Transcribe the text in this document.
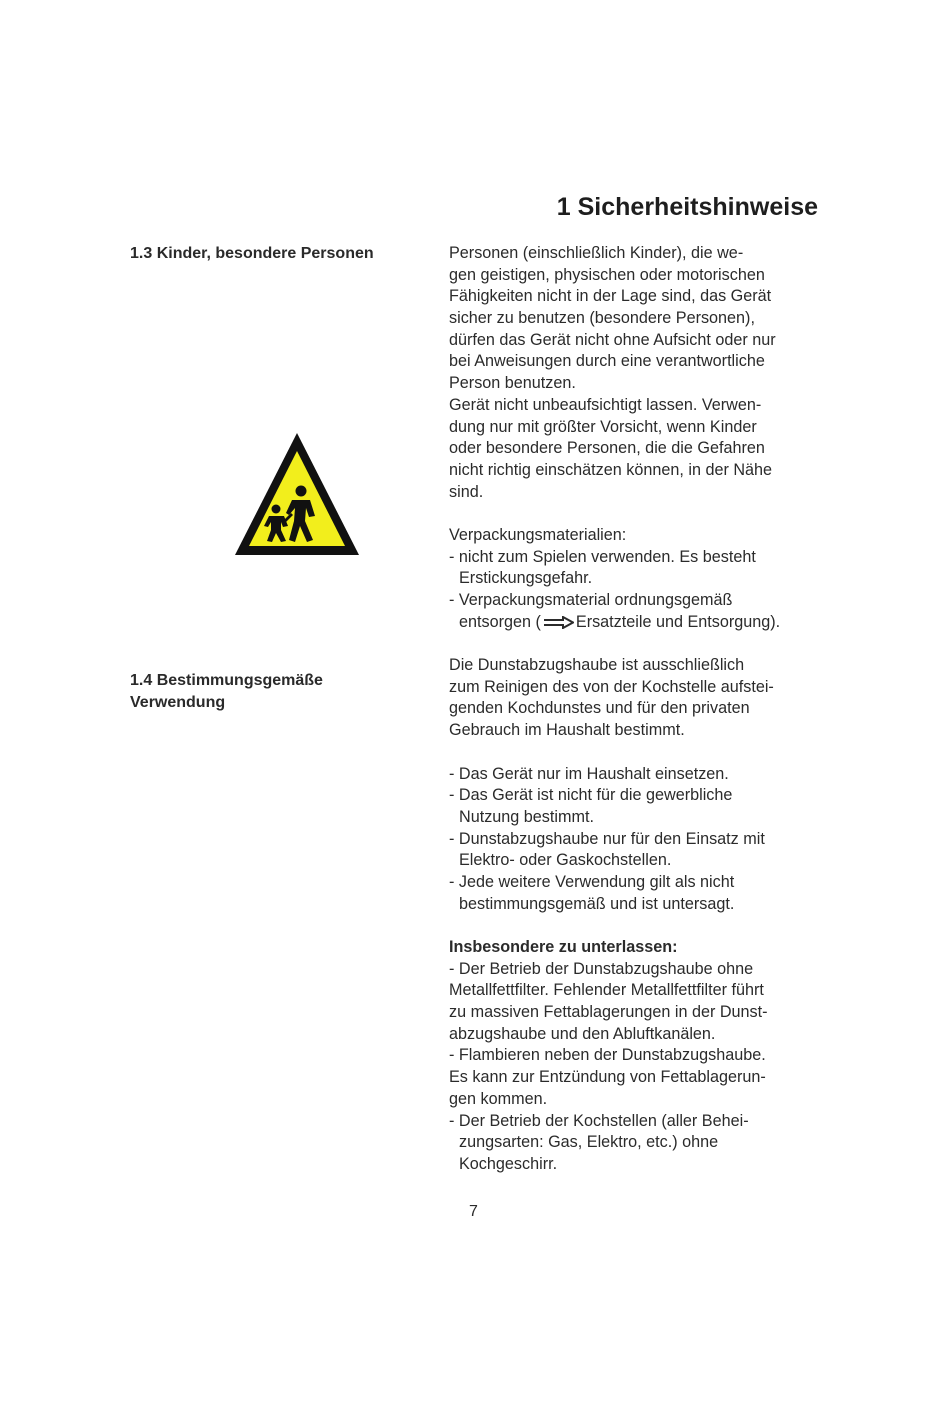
1 Sicherheitshinweise
1.3 Kinder, besondere Personen
1.4 Bestimmungsgemäße
Verwendung
Personen (einschließlich Kinder), die we-
gen geistigen, physischen oder motorischen
Fähigkeiten nicht in der Lage sind, das Gerät
sicher zu benutzen (besondere Personen),
dürfen das Gerät nicht ohne Aufsicht oder nur
bei Anweisungen durch eine verantwortliche
Person benutzen.
Gerät nicht unbeaufsichtigt lassen. Verwen-
dung nur mit größter Vorsicht, wenn Kinder
oder besondere Personen, die die Gefahren
nicht richtig einschätzen können, in der Nähe
sind.
Verpackungsmaterialien:
- nicht zum Spielen verwenden. Es besteht
Erstickungsgefahr.
- Verpackungsmaterial ordnungsgemäß
entsorgen ( Ersatzteile und Entsorgung).
Die Dunstabzugshaube ist ausschließlich
zum Reinigen des von der Kochstelle aufstei-
genden Kochdunstes und für den privaten
Gebrauch im Haushalt bestimmt.
- Das Gerät nur im Haushalt einsetzen.
- Das Gerät ist nicht für die gewerbliche
Nutzung bestimmt.
- Dunstabzugshaube nur für den Einsatz mit
Elektro- oder Gaskochstellen.
- Jede weitere Verwendung gilt als nicht
bestimmungsgemäß und ist untersagt.
Insbesondere zu unterlassen:
- Der Betrieb der Dunstabzugshaube ohne
Metallfettfilter. Fehlender Metallfettfilter führt
zu massiven Fettablagerungen in der Dunst-
abzugshaube und den Abluftkanälen.
- Flambieren neben der Dunstabzugshaube.
Es kann zur Entzündung von Fettablagerun-
gen kommen.
- Der Betrieb der Kochstellen (aller Behei-
zungsarten: Gas, Elektro, etc.) ohne
Kochgeschirr.
7
